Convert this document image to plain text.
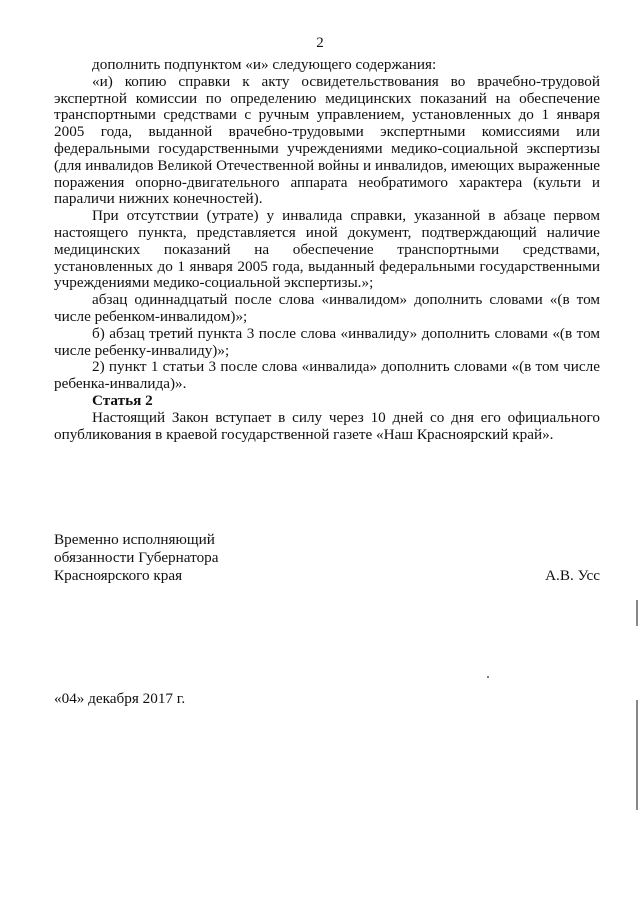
2

дополнить подпунктом «и» следующего содержания:

«и) копию справки к акту освидетельствования во врачебно-трудовой экспертной комиссии по определению медицинских показаний на обеспечение транспортными средствами с ручным управлением, установленных до 1 января 2005 года, выданной врачебно-трудовыми экспертными комиссиями или федеральными государственными учреждениями медико-социальной экспертизы (для инвалидов Великой Отечественной войны и инвалидов, имеющих выраженные поражения опорно-двигательного аппарата необратимого характера (культи и параличи нижних конечностей).

При отсутствии (утрате) у инвалида справки, указанной в абзаце первом настоящего пункта, представляется иной документ, подтверждающий наличие медицинских показаний на обеспечение транспортными средствами, установленных до 1 января 2005 года, выданный федеральными государственными учреждениями медико-социальной экспертизы.»;

абзац одиннадцатый после слова «инвалидом» дополнить словами «(в том числе ребенком-инвалидом)»;

б) абзац третий пункта 3 после слова «инвалиду» дополнить словами «(в том числе ребенку-инвалиду)»;

2) пункт 1 статьи 3 после слова «инвалида» дополнить словами «(в том числе ребенка-инвалида)».

Статья 2

Настоящий Закон вступает в силу через 10 дней со дня его официального опубликования в краевой государственной газете «Наш Красноярский край».

Временно исполняющий
обязанности Губернатора
Красноярского края	А.В. Усс
«04» декабря 2017 г.
